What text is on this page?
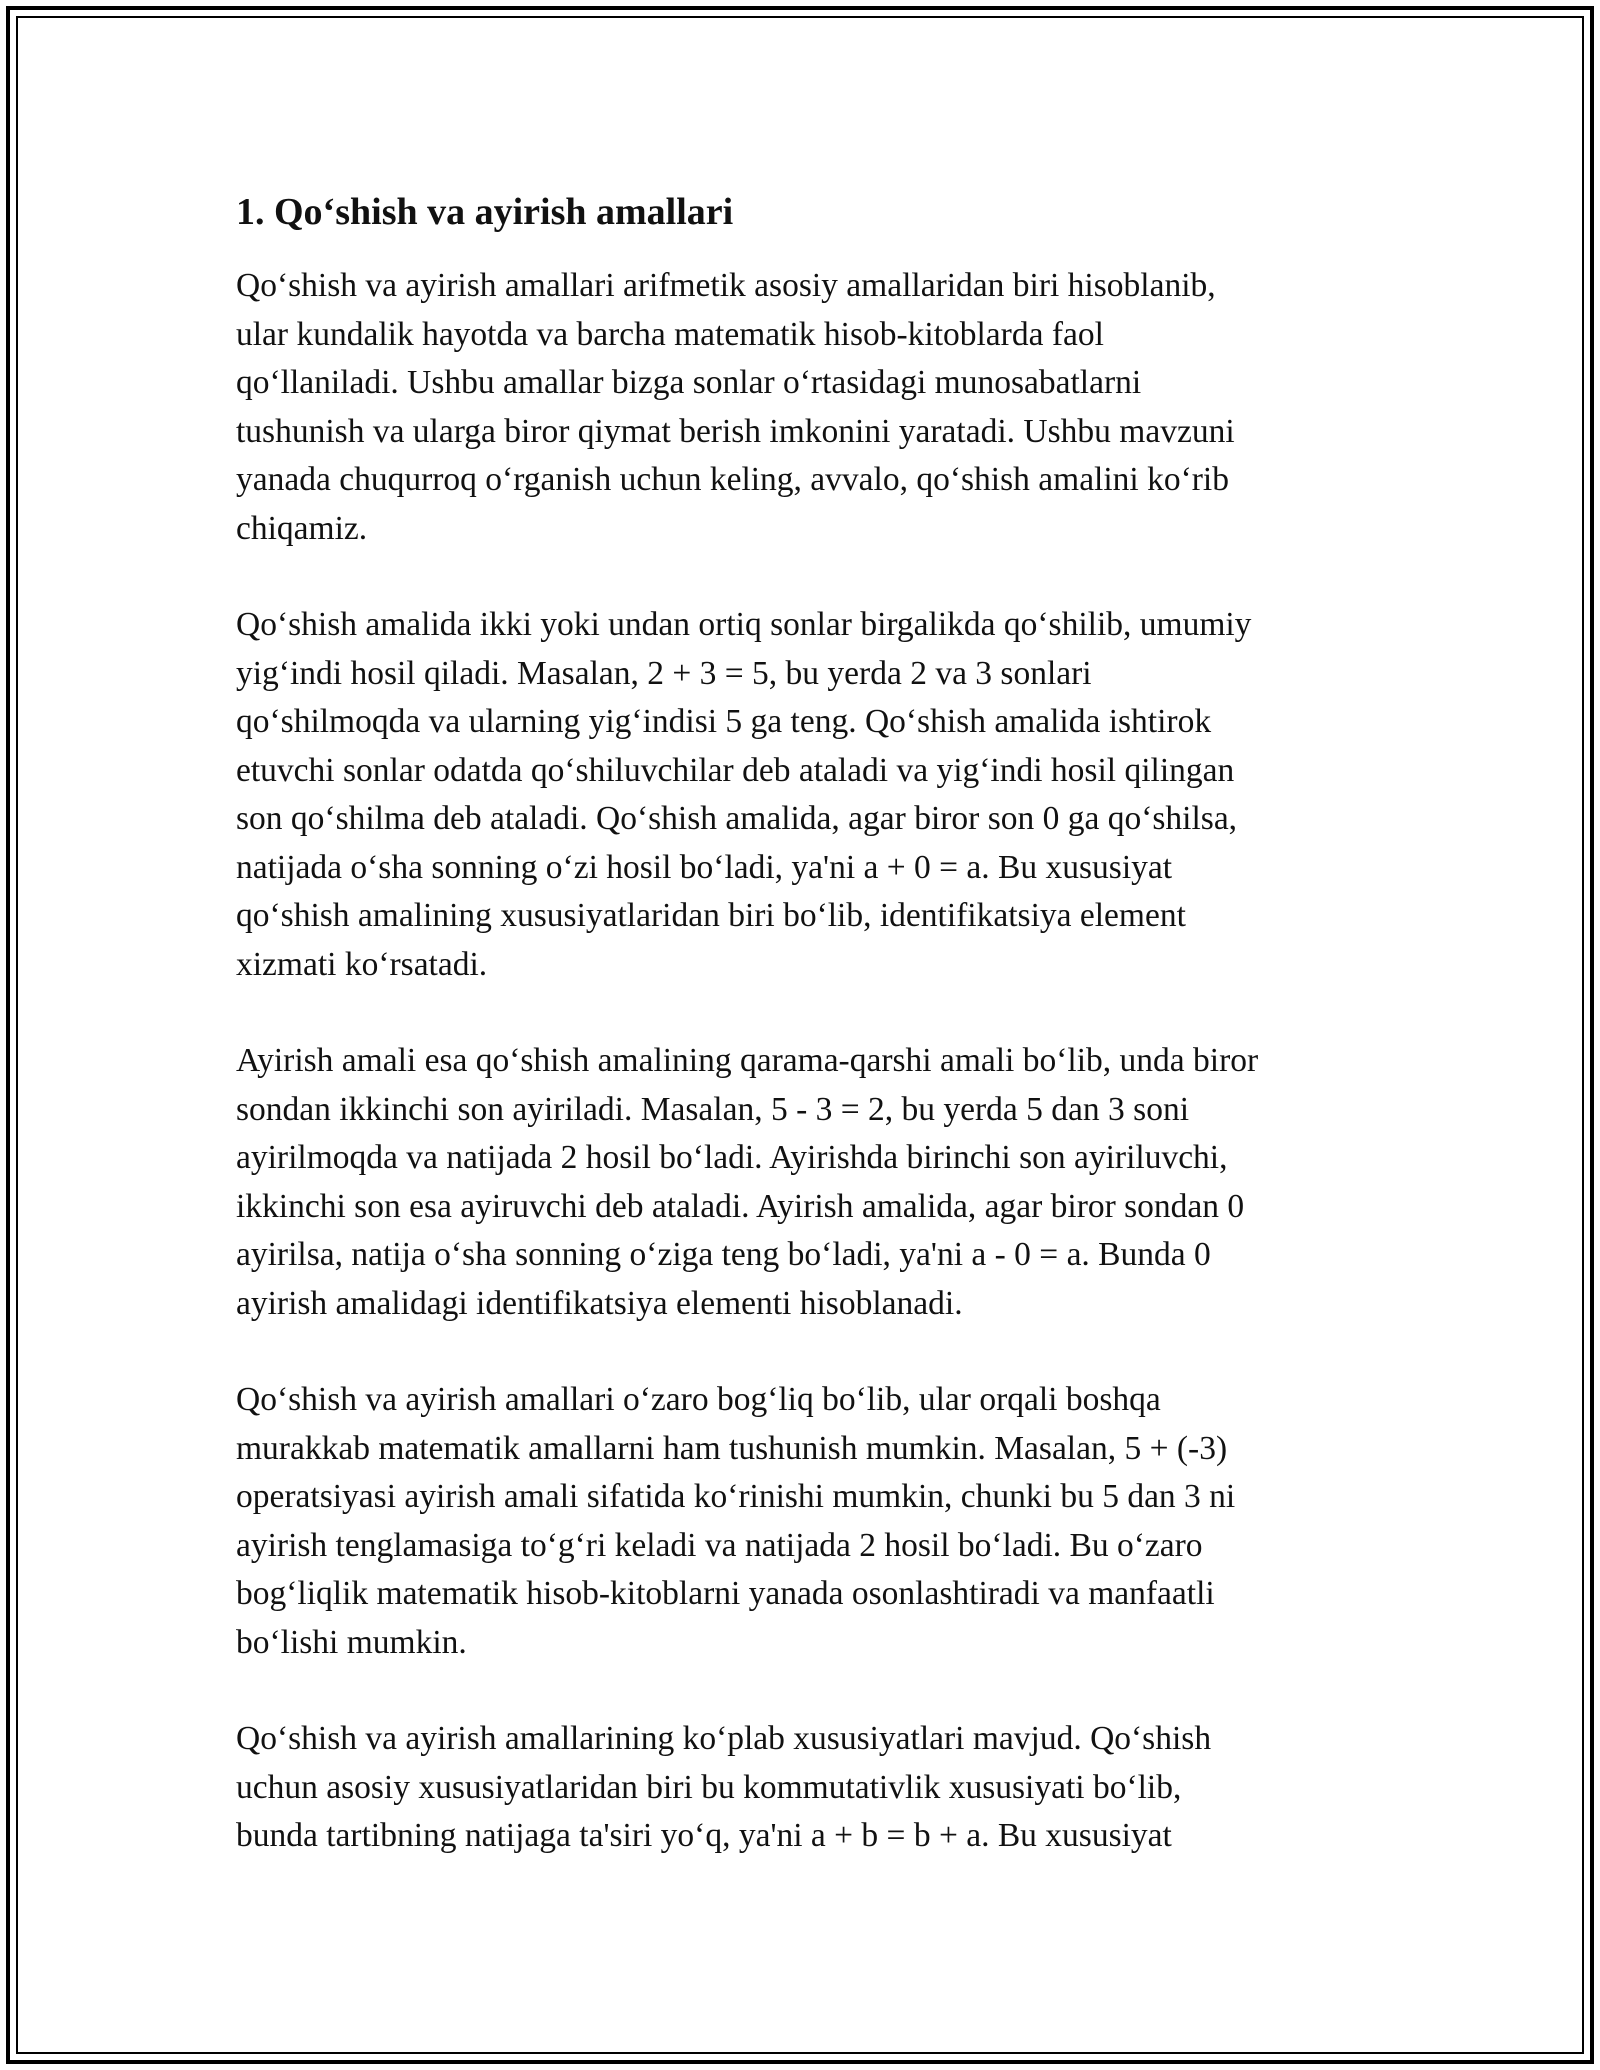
1. Qo‘shish va ayirish amallari

Qo‘shish va ayirish amallari arifmetik asosiy amallaridan biri hisoblanib,
ular kundalik hayotda va barcha matematik hisob-kitoblarda faol
qo‘llaniladi. Ushbu amallar bizga sonlar o‘rtasidagi munosabatlarni
tushunish va ularga biror qiymat berish imkonini yaratadi. Ushbu mavzuni
yanada chuqurroq o‘rganish uchun keling, avvalo, qo‘shish amalini ko‘rib
chiqamiz.

Qo‘shish amalida ikki yoki undan ortiq sonlar birgalikda qo‘shilib, umumiy
yig‘indi hosil qiladi. Masalan, 2 + 3 = 5, bu yerda 2 va 3 sonlari
qo‘shilmoqda va ularning yig‘indisi 5 ga teng. Qo‘shish amalida ishtirok
etuvchi sonlar odatda qo‘shiluvchilar deb ataladi va yig‘indi hosil qilingan
son qo‘shilma deb ataladi. Qo‘shish amalida, agar biror son 0 ga qo‘shilsa,
natijada o‘sha sonning o‘zi hosil bo‘ladi, ya'ni a + 0 = a. Bu xususiyat
qo‘shish amalining xususiyatlaridan biri bo‘lib, identifikatsiya element
xizmati ko‘rsatadi.

Ayirish amali esa qo‘shish amalining qarama-qarshi amali bo‘lib, unda biror
sondan ikkinchi son ayiriladi. Masalan, 5 - 3 = 2, bu yerda 5 dan 3 soni
ayirilmoqda va natijada 2 hosil bo‘ladi. Ayirishda birinchi son ayiriluvchi,
ikkinchi son esa ayiruvchi deb ataladi. Ayirish amalida, agar biror sondan 0
ayirilsa, natija o‘sha sonning o‘ziga teng bo‘ladi, ya'ni a - 0 = a. Bunda 0
ayirish amalidagi identifikatsiya elementi hisoblanadi.

Qo‘shish va ayirish amallari o‘zaro bog‘liq bo‘lib, ular orqali boshqa
murakkab matematik amallarni ham tushunish mumkin. Masalan, 5 + (-3)
operatsiyasi ayirish amali sifatida ko‘rinishi mumkin, chunki bu 5 dan 3 ni
ayirish tenglamasiga to‘g‘ri keladi va natijada 2 hosil bo‘ladi. Bu o‘zaro
bog‘liqlik matematik hisob-kitoblarni yanada osonlashtiradi va manfaatli
bo‘lishi mumkin.

Qo‘shish va ayirish amallarining ko‘plab xususiyatlari mavjud. Qo‘shish
uchun asosiy xususiyatlaridan biri bu kommutativlik xususiyati bo‘lib,
bunda tartibning natijaga ta'siri yo‘q, ya'ni a + b = b + a. Bu xususiyat
